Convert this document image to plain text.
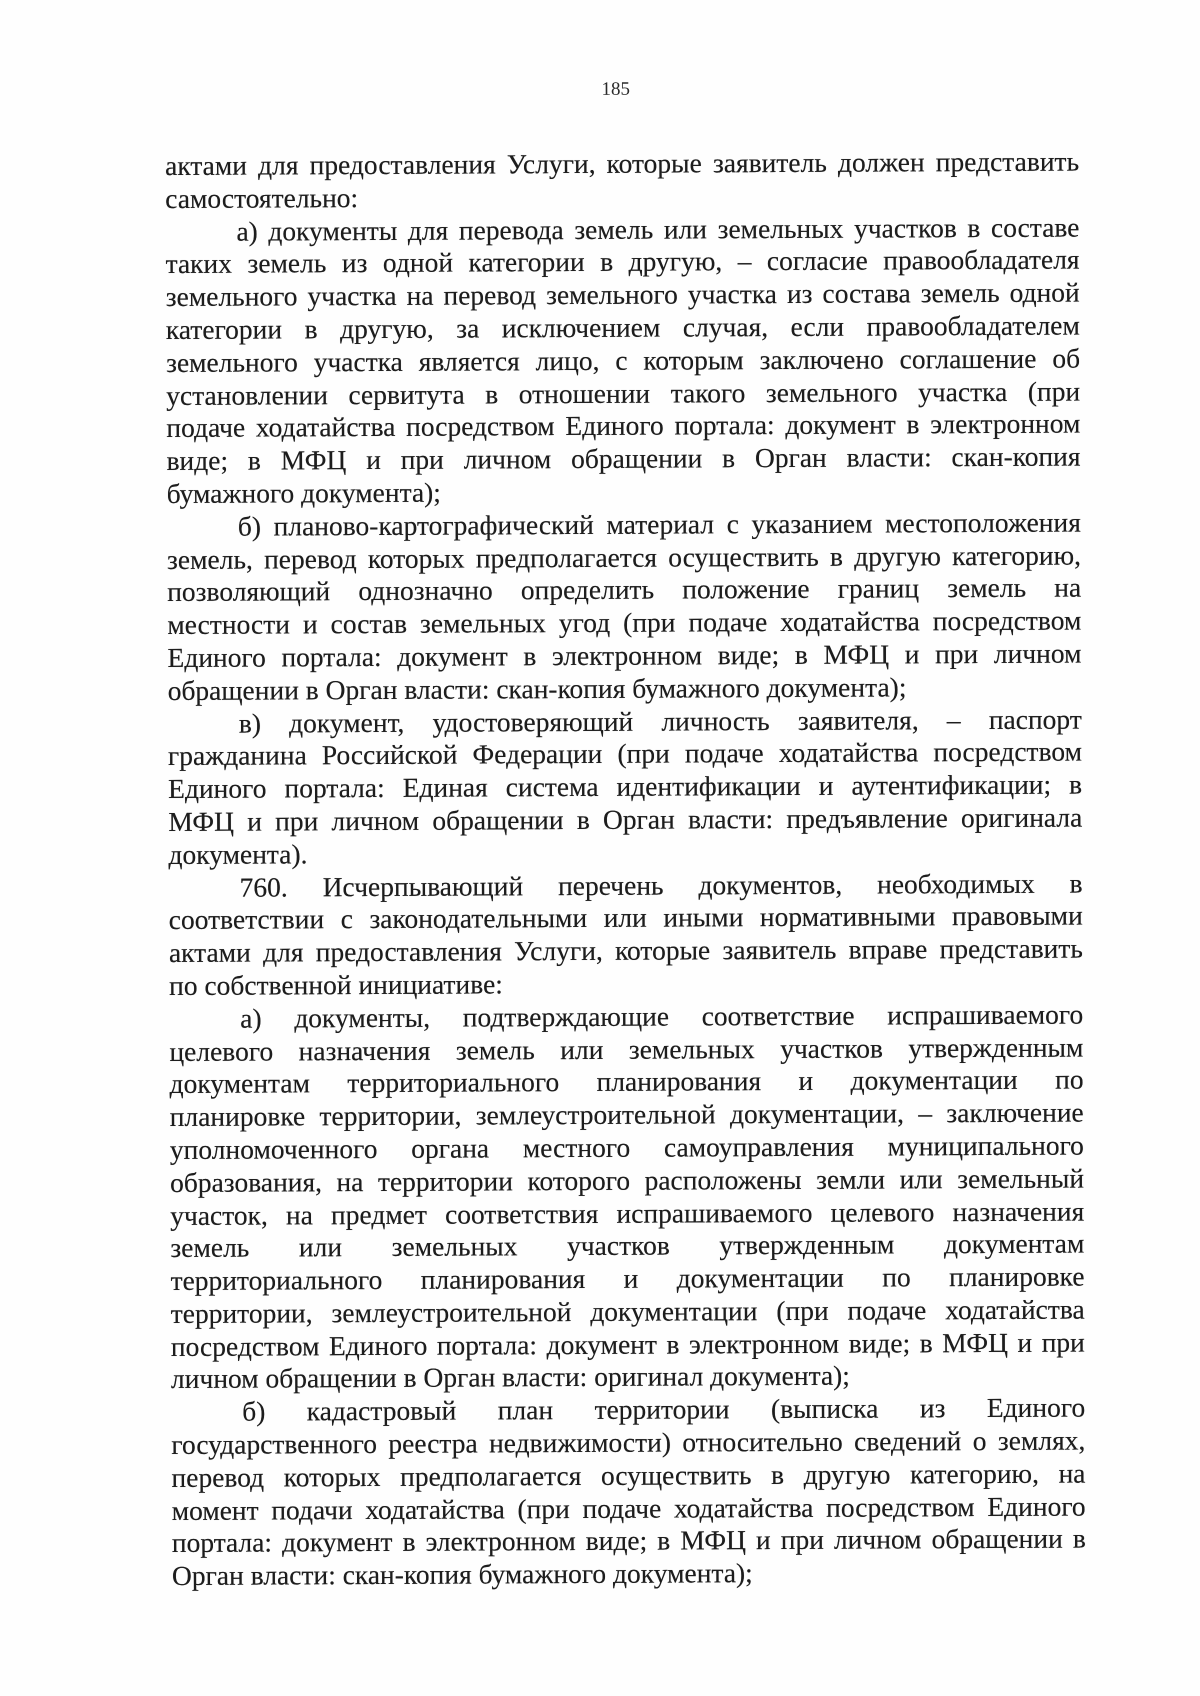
185
актами для предоставления Услуги, которые заявитель должен представить
самостоятельно:
а) документы для перевода земель или земельных участков в составе
таких земель из одной категории в другую, – согласие правообладателя
земельного участка на перевод земельного участка из состава земель одной
категории в другую, за исключением случая, если правообладателем
земельного участка является лицо, с которым заключено соглашение об
установлении сервитута в отношении такого земельного участка (при
подаче ходатайства посредством Единого портала: документ в электронном
виде; в МФЦ и при личном обращении в Орган власти: скан-копия
бумажного документа);
б) планово-картографический материал с указанием местоположения
земель, перевод которых предполагается осуществить в другую категорию,
позволяющий однозначно определить положение границ земель на
местности и состав земельных угод (при подаче ходатайства посредством
Единого портала: документ в электронном виде; в МФЦ и при личном
обращении в Орган власти: скан-копия бумажного документа);
в) документ, удостоверяющий личность заявителя, – паспорт
гражданина Российской Федерации (при подаче ходатайства посредством
Единого портала: Единая система идентификации и аутентификации; в
МФЦ и при личном обращении в Орган власти: предъявление оригинала
документа).
760. Исчерпывающий перечень документов, необходимых в
соответствии с законодательными или иными нормативными правовыми
актами для предоставления Услуги, которые заявитель вправе представить
по собственной инициативе:
а) документы, подтверждающие соответствие испрашиваемого
целевого назначения земель или земельных участков утвержденным
документам территориального планирования и документации по
планировке территории, землеустроительной документации, – заключение
уполномоченного органа местного самоуправления муниципального
образования, на территории которого расположены земли или земельный
участок, на предмет соответствия испрашиваемого целевого назначения
земель или земельных участков утвержденным документам
территориального планирования и документации по планировке
территории, землеустроительной документации (при подаче ходатайства
посредством Единого портала: документ в электронном виде; в МФЦ и при
личном обращении в Орган власти: оригинал документа);
б) кадастровый план территории (выписка из Единого
государственного реестра недвижимости) относительно сведений о землях,
перевод которых предполагается осуществить в другую категорию, на
момент подачи ходатайства (при подаче ходатайства посредством Единого
портала: документ в электронном виде; в МФЦ и при личном обращении в
Орган власти: скан-копия бумажного документа);
